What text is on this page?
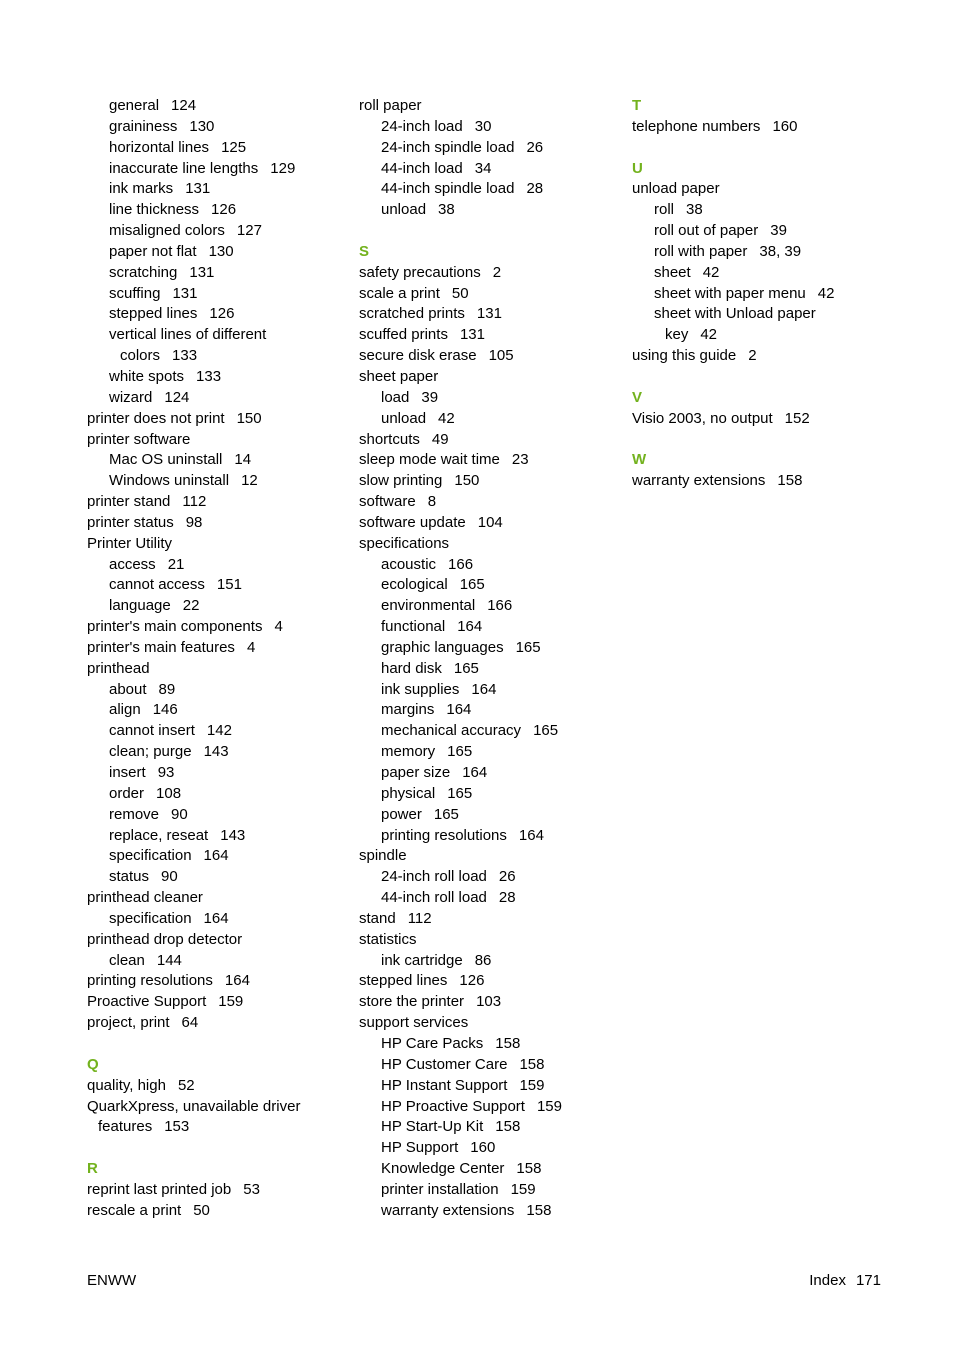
general 124
graininess 130
horizontal lines 125
inaccurate line lengths 129
ink marks 131
line thickness 126
misaligned colors 127
paper not flat 130
scratching 131
scuffing 131
stepped lines 126
vertical lines of different
colors 133
white spots 133
wizard 124
printer does not print 150
printer software
Mac OS uninstall 14
Windows uninstall 12
printer stand 112
printer status 98
Printer Utility
access 21
cannot access 151
language 22
printer's main components 4
printer's main features 4
printhead
about 89
align 146
cannot insert 142
clean; purge 143
insert 93
order 108
remove 90
replace, reseat 143
specification 164
status 90
printhead cleaner
specification 164
printhead drop detector
clean 144
printing resolutions 164
Proactive Support 159
project, print 64
Q
quality, high 52
QuarkXpress, unavailable driver
features 153
R
reprint last printed job 53
rescale a print 50
roll paper
24-inch load 30
24-inch spindle load 26
44-inch load 34
44-inch spindle load 28
unload 38
S
safety precautions 2
scale a print 50
scratched prints 131
scuffed prints 131
secure disk erase 105
sheet paper
load 39
unload 42
shortcuts 49
sleep mode wait time 23
slow printing 150
software 8
software update 104
specifications
acoustic 166
ecological 165
environmental 166
functional 164
graphic languages 165
hard disk 165
ink supplies 164
margins 164
mechanical accuracy 165
memory 165
paper size 164
physical 165
power 165
printing resolutions 164
spindle
24-inch roll load 26
44-inch roll load 28
stand 112
statistics
ink cartridge 86
stepped lines 126
store the printer 103
support services
HP Care Packs 158
HP Customer Care 158
HP Instant Support 159
HP Proactive Support 159
HP Start-Up Kit 158
HP Support 160
Knowledge Center 158
printer installation 159
warranty extensions 158
T
telephone numbers 160
U
unload paper
roll 38
roll out of paper 39
roll with paper 38, 39
sheet 42
sheet with paper menu 42
sheet with Unload paper
key 42
using this guide 2
V
Visio 2003, no output 152
W
warranty extensions 158
ENWW	Index 171
